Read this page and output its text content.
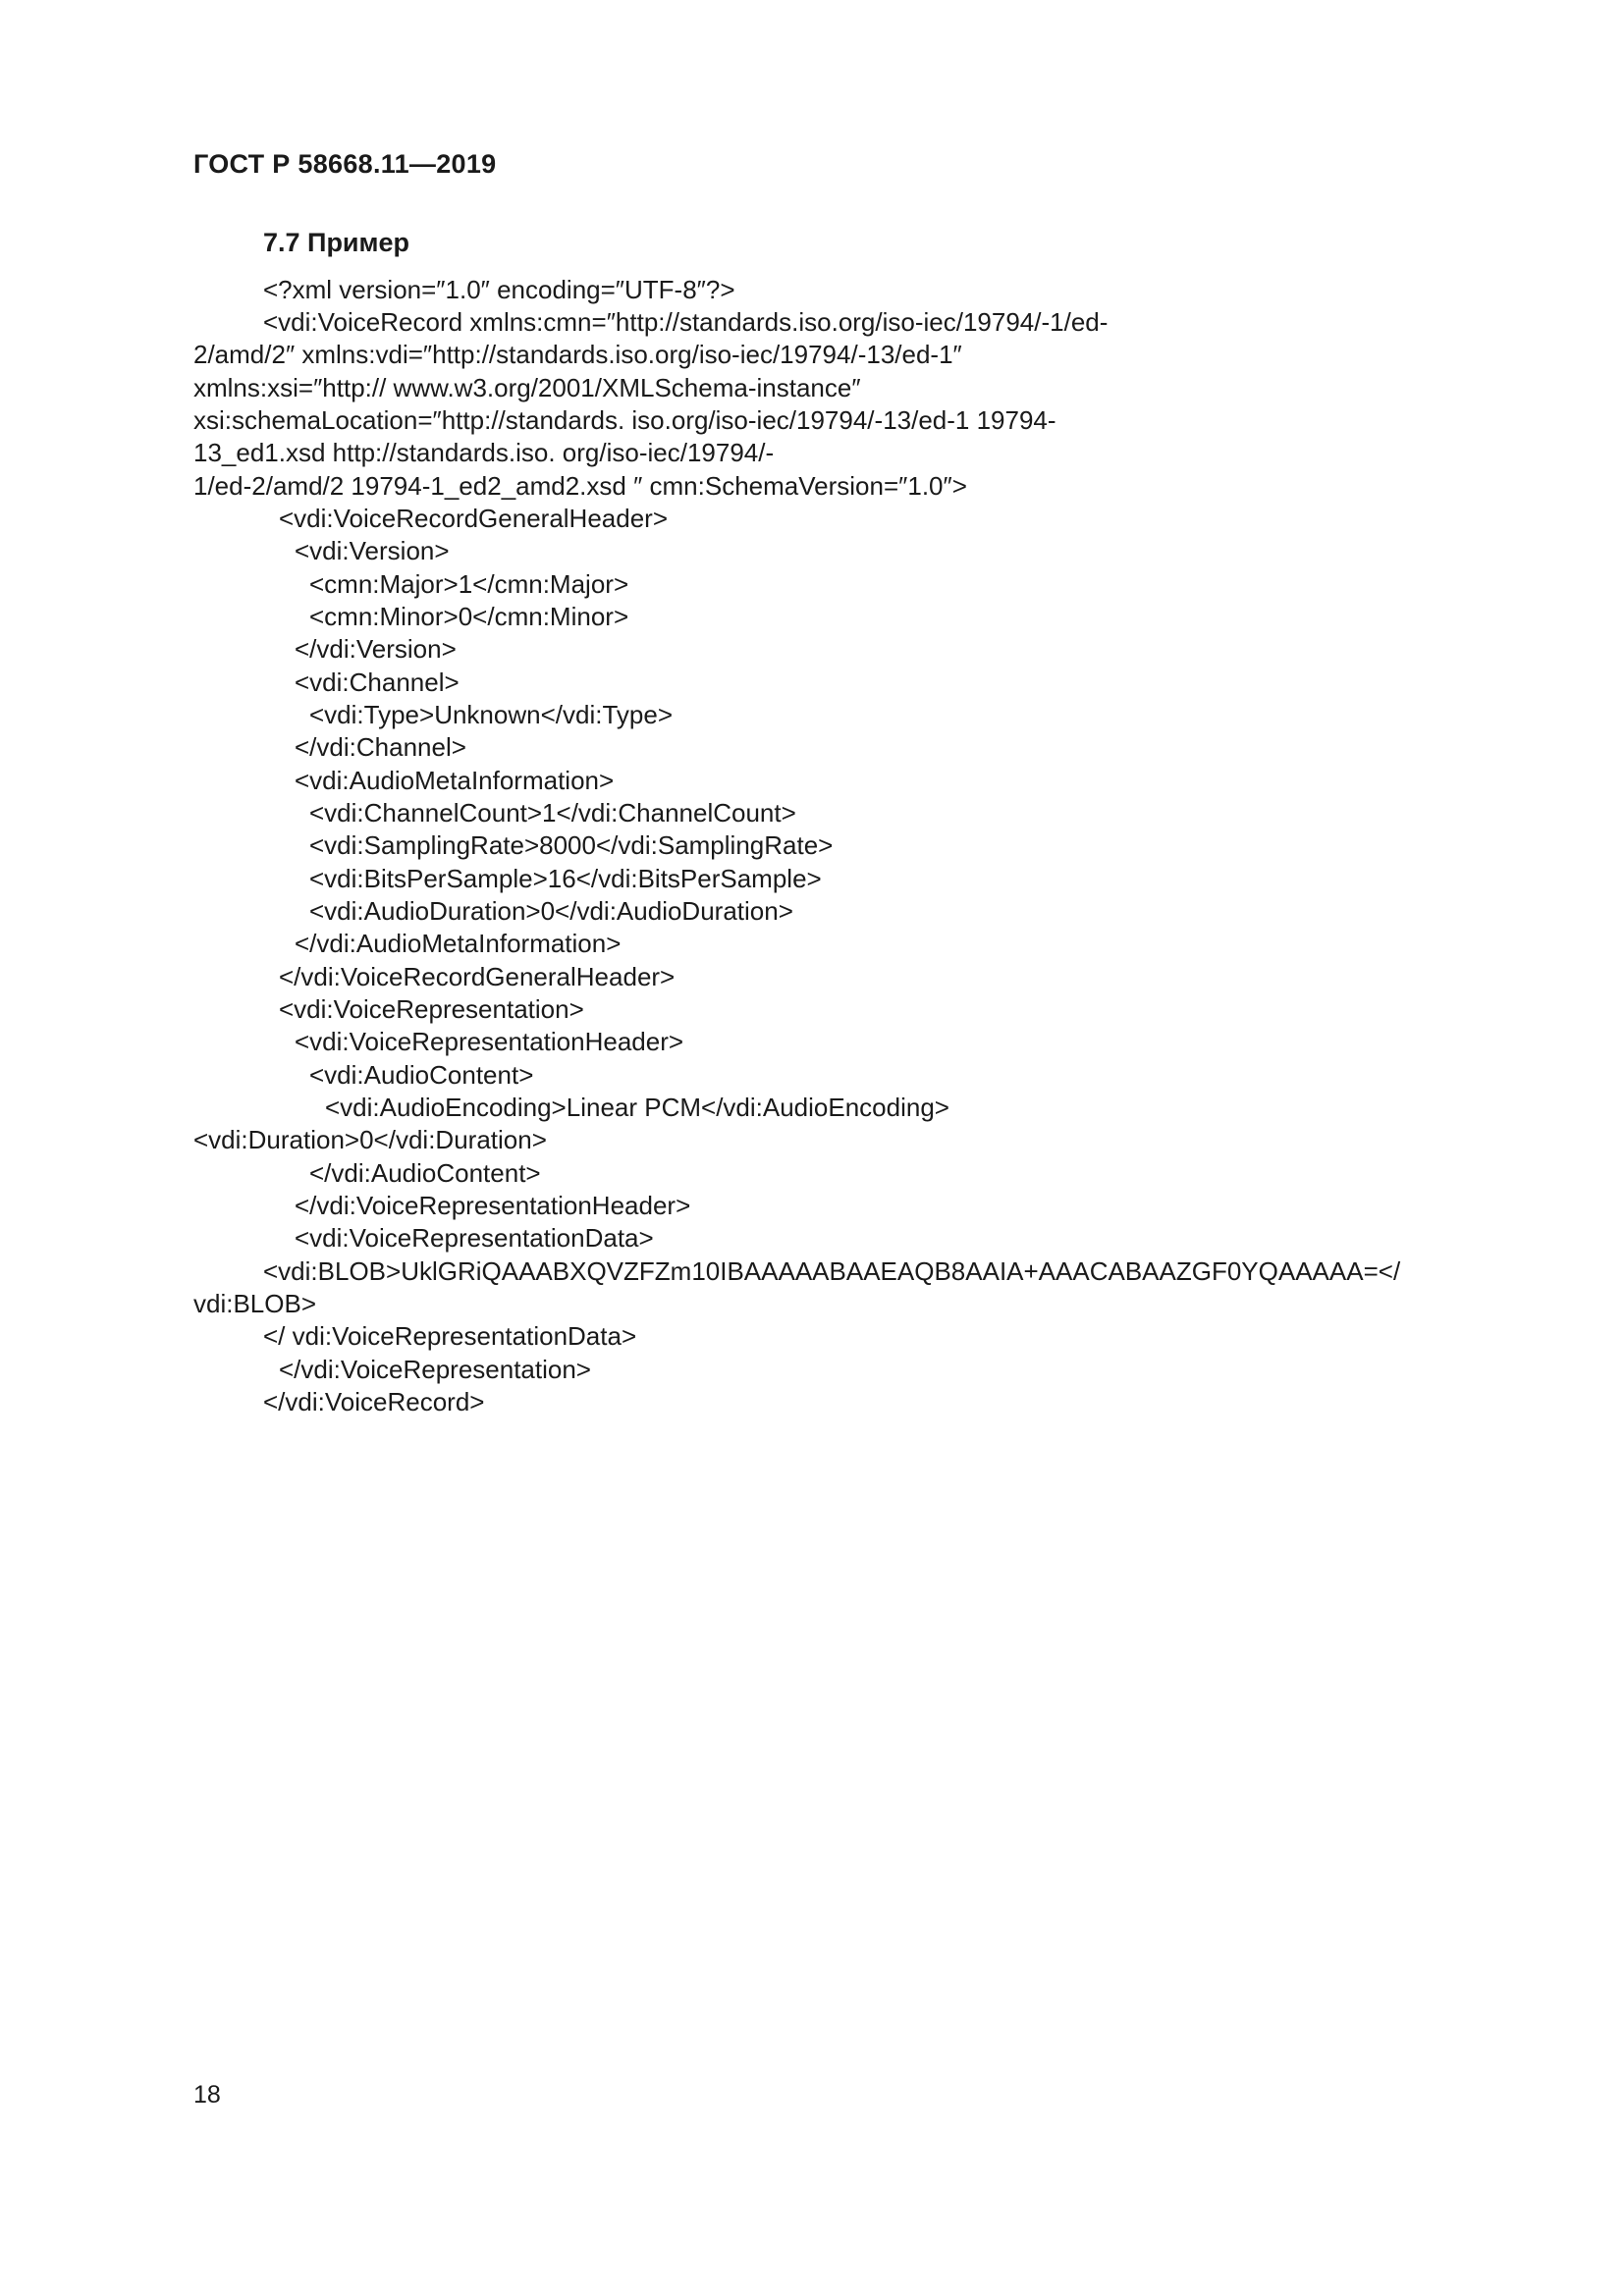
ГОСТ Р 58668.11—2019
7.7 Пример
<?xml version=″1.0″ encoding=″UTF-8″?>
<vdi:VoiceRecord xmlns:cmn=″http://standards.iso.org/iso-iec/19794/-1/ed-
2/amd/2″ xmlns:vdi=″http://standards.iso.org/iso-iec/19794/-13/ed-1″
xmlns:xsi=″http:// www.w3.org/2001/XMLSchema-instance″
xsi:schemaLocation=″http://standards. iso.org/iso-iec/19794/-13/ed-1 19794-
13_ed1.xsd http://standards.iso. org/iso-iec/19794/-
1/ed-2/amd/2 19794-1_ed2_amd2.xsd ″ cmn:SchemaVersion=″1.0″>
<vdi:VoiceRecordGeneralHeader>
<vdi:Version>
<cmn:Major>1</cmn:Major>
<cmn:Minor>0</cmn:Minor>
</vdi:Version>
<vdi:Channel>
<vdi:Type>Unknown</vdi:Type>
</vdi:Channel>
<vdi:AudioMetaInformation>
<vdi:ChannelCount>1</vdi:ChannelCount>
<vdi:SamplingRate>8000</vdi:SamplingRate>
<vdi:BitsPerSample>16</vdi:BitsPerSample>
<vdi:AudioDuration>0</vdi:AudioDuration>
</vdi:AudioMetaInformation>
</vdi:VoiceRecordGeneralHeader>
<vdi:VoiceRepresentation>
<vdi:VoiceRepresentationHeader>
<vdi:AudioContent>
<vdi:AudioEncoding>Linear PCM</vdi:AudioEncoding>
<vdi:Duration>0</vdi:Duration>
</vdi:AudioContent>
</vdi:VoiceRepresentationHeader>
<vdi:VoiceRepresentationData>
<vdi:BLOB>UklGRiQAAABXQVZFZm10IBAAAAABAAEAQB8AAIA+AAACABAAZGF0YQAAAAA=</
vdi:BLOB>
</ vdi:VoiceRepresentationData>
</vdi:VoiceRepresentation>
</vdi:VoiceRecord>
18
